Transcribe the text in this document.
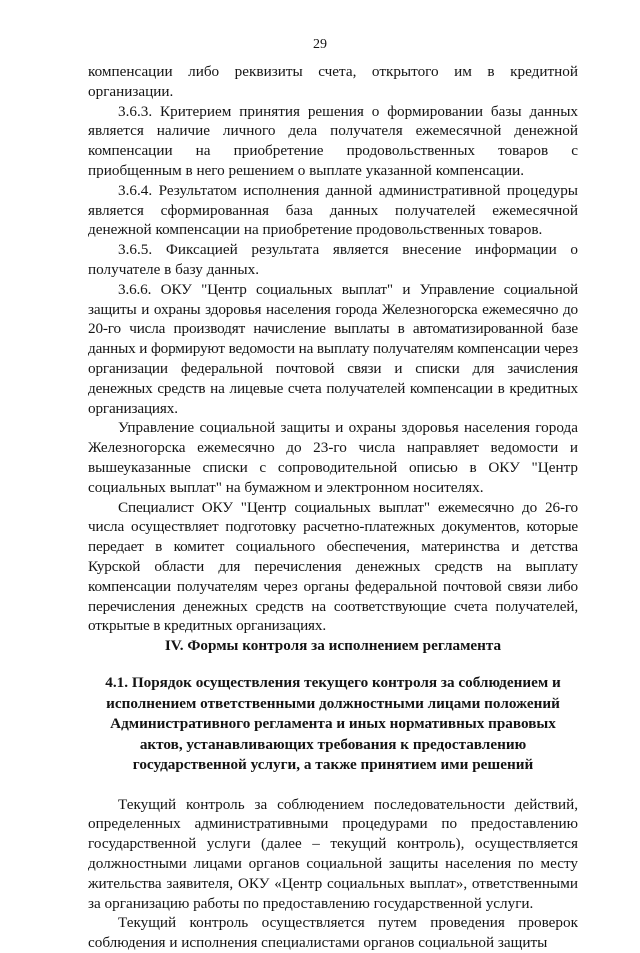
29

компенсации либо реквизиты счета, открытого им в кредитной организации.

3.6.3. Критерием принятия решения о формировании базы данных является наличие личного дела получателя ежемесячной денежной компенсации на приобретение продовольственных товаров с приобщенным в него решением о выплате указанной компенсации.

3.6.4. Результатом исполнения данной административной процедуры является сформированная база данных получателей ежемесячной денежной компенсации на приобретение продовольственных товаров.

3.6.5. Фиксацией результата является внесение информации о получателе в базу данных.

3.6.6. ОКУ "Центр социальных выплат" и Управление социальной защиты и охраны здоровья населения города Железногорска ежемесячно до 20-го числа производят начисление выплаты в автоматизированной базе данных и формируют ведомости на выплату получателям компенсации через организации федеральной почтовой связи и списки для зачисления денежных средств на лицевые счета получателей компенсации в кредитных организациях.

Управление социальной защиты и охраны здоровья населения города Железногорска ежемесячно до 23-го числа направляет ведомости и вышеуказанные списки с сопроводительной описью в ОКУ "Центр социальных выплат" на бумажном и электронном носителях.

Специалист ОКУ "Центр социальных выплат" ежемесячно до 26-го числа осуществляет подготовку расчетно-платежных документов, которые передает в комитет социального обеспечения, материнства и детства Курской области для перечисления денежных средств на выплату компенсации получателям через органы федеральной почтовой связи либо перечисления денежных средств на соответствующие счета получателей, открытые в кредитных организациях.

IV. Формы контроля за исполнением регламента
4.1. Порядок осуществления текущего контроля за соблюдением и исполнением ответственными должностными лицами положений Административного регламента и иных нормативных правовых актов, устанавливающих требования к предоставлению государственной услуги, а также принятием ими решений

Текущий контроль за соблюдением последовательности действий, определенных административными процедурами по предоставлению государственной услуги (далее – текущий контроль), осуществляется должностными лицами органов социальной защиты населения по месту жительства заявителя, ОКУ «Центр социальных выплат», ответственными за организацию работы по предоставлению государственной услуги.

Текущий контроль осуществляется путем проведения проверок соблюдения и исполнения специалистами органов социальной защиты
